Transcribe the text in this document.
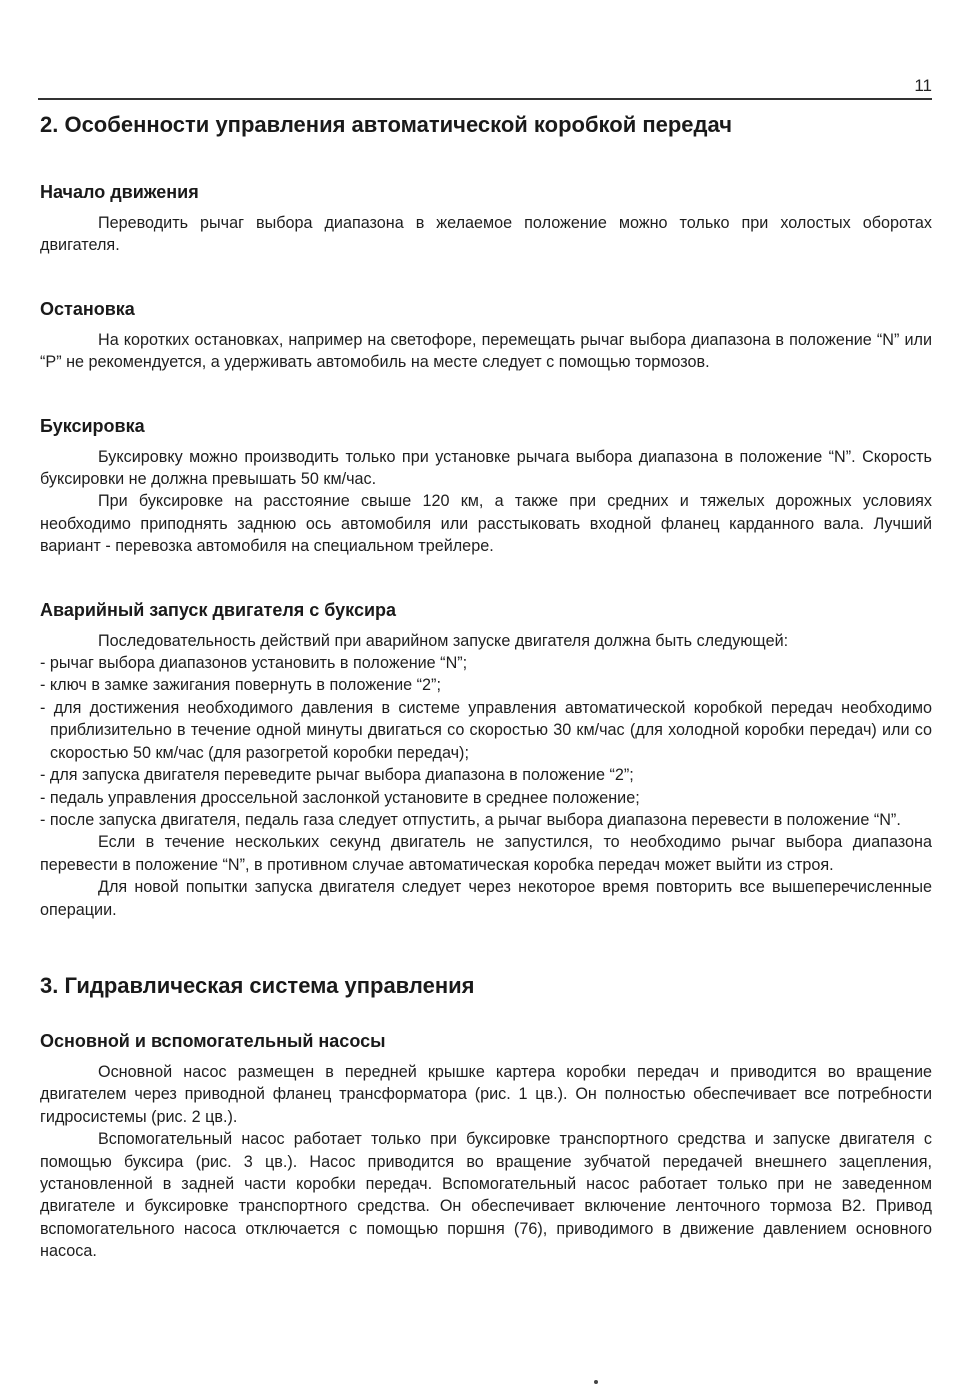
11
2. Особенности управления автоматической коробкой передач
Начало движения

Переводить рычаг выбора диапазона в желаемое положение можно только при холостых оборотах двигателя.

Остановка

На коротких остановках, например на светофоре, перемещать рычаг выбора диапазона в положение “N” или “P” не рекомендуется, а удерживать автомобиль на месте следует с помощью тормозов.

Буксировка

Буксировку можно производить только при установке рычага выбора диапазона в положение “N”. Скорость буксировки не должна превышать 50 км/час.

При буксировке на расстояние свыше 120 км, а также при средних и тяжелых дорожных условиях необходимо приподнять заднюю ось автомобиля или расстыковать входной фланец карданного вала. Лучший вариант - перевозка автомобиля на специальном трейлере.

Аварийный запуск двигателя с буксира

Последовательность действий при аварийном запуске двигателя должна быть следующей:

- рычаг выбора диапазонов установить в положение “N”;
- ключ в замке зажигания повернуть в положение “2”;
- для достижения необходимого давления в системе управления автоматической коробкой передач необходимо приблизительно в течение одной минуты двигаться со скоростью 30 км/час (для холодной коробки передач) или со скоростью 50 км/час (для разогретой коробки передач);
- для запуска двигателя переведите рычаг выбора диапазона в положение “2”;
- педаль управления дроссельной заслонкой установите в среднее положение;
- после запуска двигателя, педаль газа следует отпустить, а рычаг выбора диапазона перевести в положение “N”.

Если в течение нескольких секунд двигатель не запустился, то необходимо рычаг выбора диапазона перевести в положение “N”, в противном случае автоматическая коробка передач может выйти из строя.

Для новой попытки запуска двигателя следует через некоторое время повторить все вышеперечисленные операции.

3. Гидравлическая система управления
Основной и вспомогательный насосы

Основной насос размещен в передней крышке картера коробки передач и приводится во вращение двигателем через приводной фланец трансформатора (рис. 1 цв.). Он полностью обеспечивает все потребности гидросистемы (рис. 2 цв.).

Вспомогательный насос работает только при буксировке транспортного средства и запуске двигателя с помощью буксира (рис. 3 цв.). Насос приводится во вращение зубчатой передачей внешнего зацепления, установленной в задней части коробки передач. Вспомогательный насос работает только при не заведенном двигателе и буксировке транспортного средства. Он обеспечивает включение ленточного тормоза B2. Привод вспомогательного насоса отключается с помощью поршня (76), приводимого в движение давлением основного насоса.
